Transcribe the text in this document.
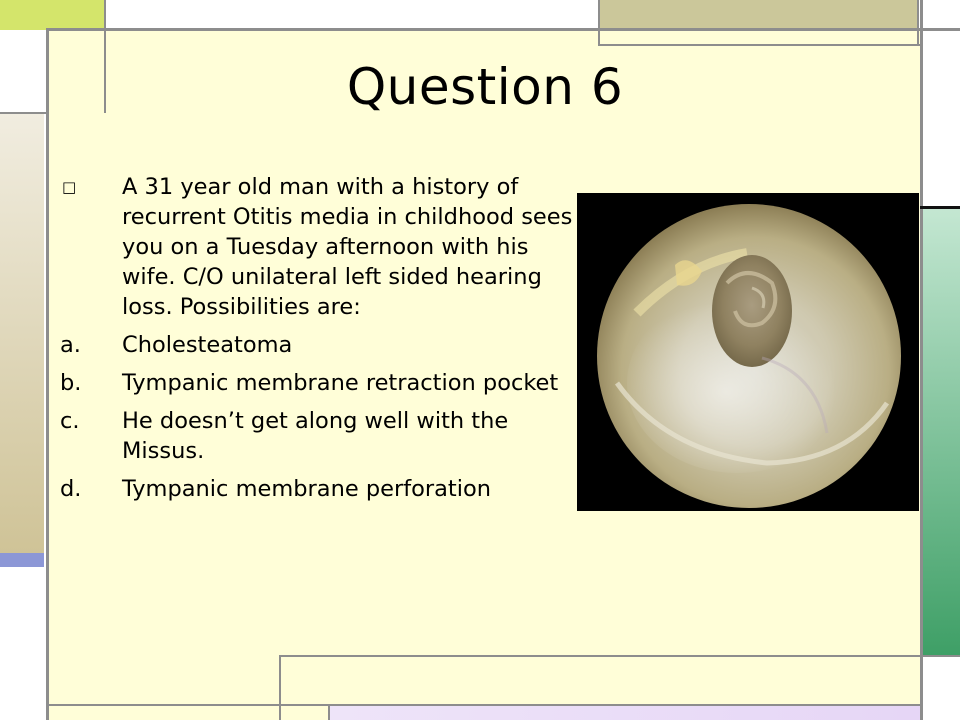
Question 6
□	A 31 year old man with a history of recurrent Otitis media in childhood sees you on a Tuesday afternoon with his wife. C/O unilateral left sided hearing loss. Possibilities are:
a.	Cholesteatoma
b.	Tympanic membrane retraction pocket
c.	He doesn’t get along well with the Missus.
d.	Tympanic membrane perforation
